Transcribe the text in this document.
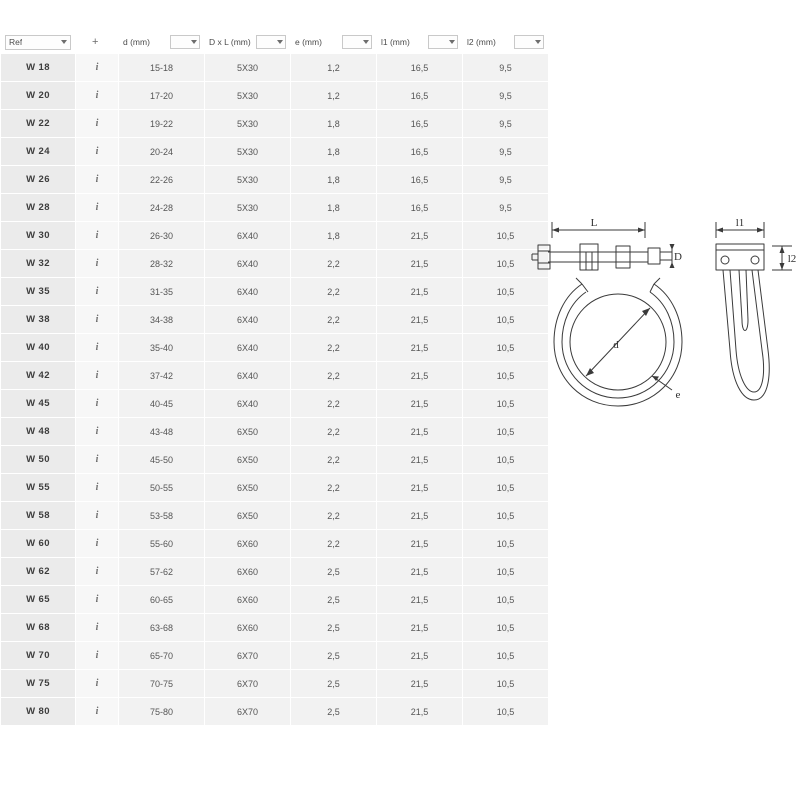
Ref	+	d (mm)	D x L (mm)	e (mm)	l1 (mm)	l2 (mm)

W 18	i	15-18	5X30	1,2	16,5	9,5
W 20	i	17-20	5X30	1,2	16,5	9,5
W 22	i	19-22	5X30	1,8	16,5	9,5
W 24	i	20-24	5X30	1,8	16,5	9,5
W 26	i	22-26	5X30	1,8	16,5	9,5
W 28	i	24-28	5X30	1,8	16,5	9,5
W 30	i	26-30	6X40	1,8	21,5	10,5
W 32	i	28-32	6X40	2,2	21,5	10,5
W 35	i	31-35	6X40	2,2	21,5	10,5
W 38	i	34-38	6X40	2,2	21,5	10,5
W 40	i	35-40	6X40	2,2	21,5	10,5
W 42	i	37-42	6X40	2,2	21,5	10,5
W 45	i	40-45	6X40	2,2	21,5	10,5
W 48	i	43-48	6X50	2,2	21,5	10,5
W 50	i	45-50	6X50	2,2	21,5	10,5
W 55	i	50-55	6X50	2,2	21,5	10,5
W 58	i	53-58	6X50	2,2	21,5	10,5
W 60	i	55-60	6X60	2,2	21,5	10,5
W 62	i	57-62	6X60	2,5	21,5	10,5
W 65	i	60-65	6X60	2,5	21,5	10,5
W 68	i	63-68	6X60	2,5	21,5	10,5
W 70	i	65-70	6X70	2,5	21,5	10,5
W 75	i	70-75	6X70	2,5	21,5	10,5
W 80	i	75-80	6X70	2,5	21,5	10,5
L
D
d
e
l1
l2
